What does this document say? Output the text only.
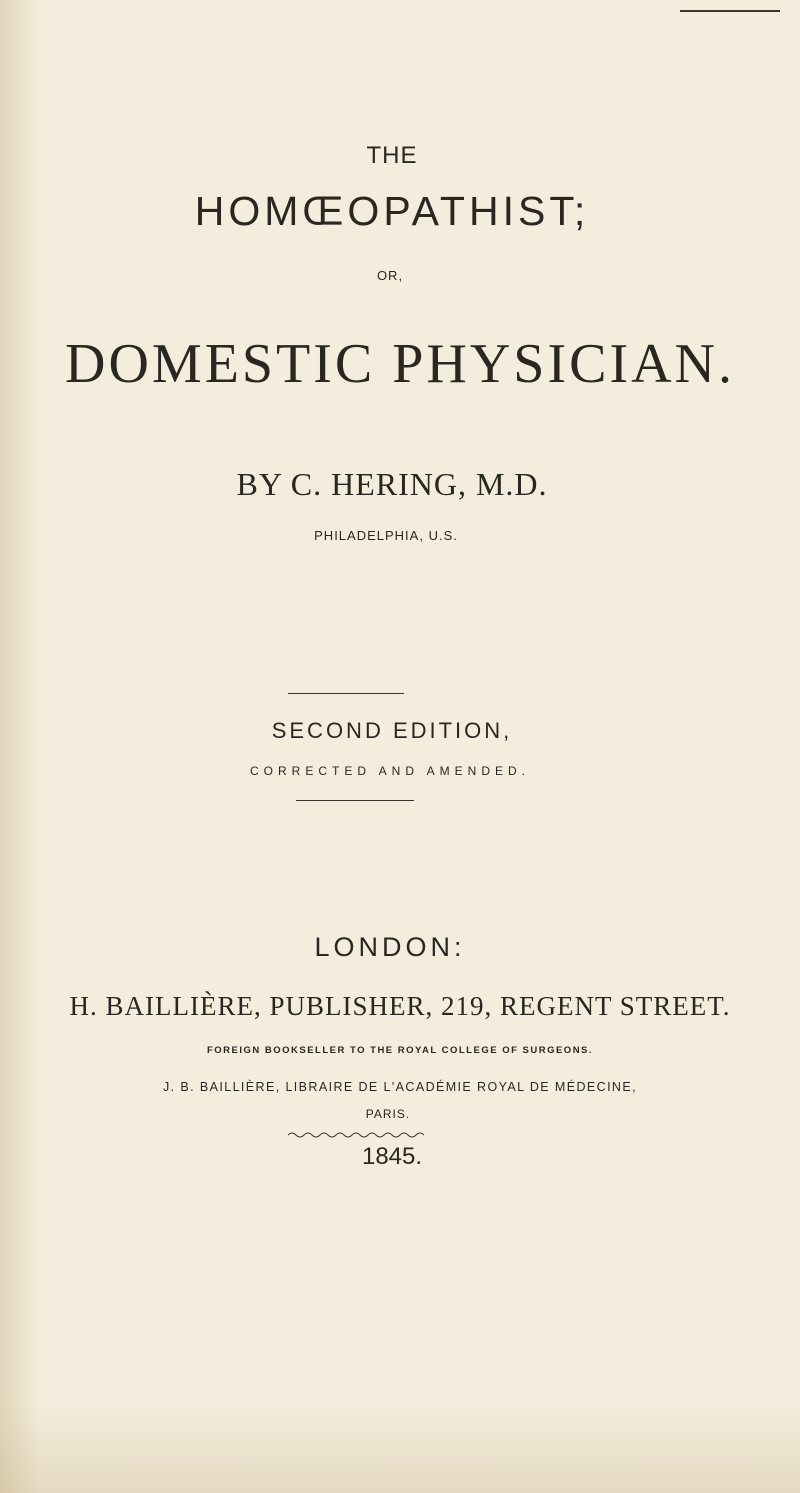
THE
HOMŒOPATHIST;
OR,
DOMESTIC PHYSICIAN.
BY C. HERING, M.D.
PHILADELPHIA, U.S.
SECOND EDITION,
CORRECTED AND AMENDED.
LONDON:
H. BAILLIÈRE, PUBLISHER, 219, REGENT STREET.
FOREIGN BOOKSELLER TO THE ROYAL COLLEGE OF SURGEONS.
J. B. BAILLIÈRE, LIBRAIRE DE L'ACADÉMIE ROYAL DE MÉDECINE,
PARIS.
1845.
